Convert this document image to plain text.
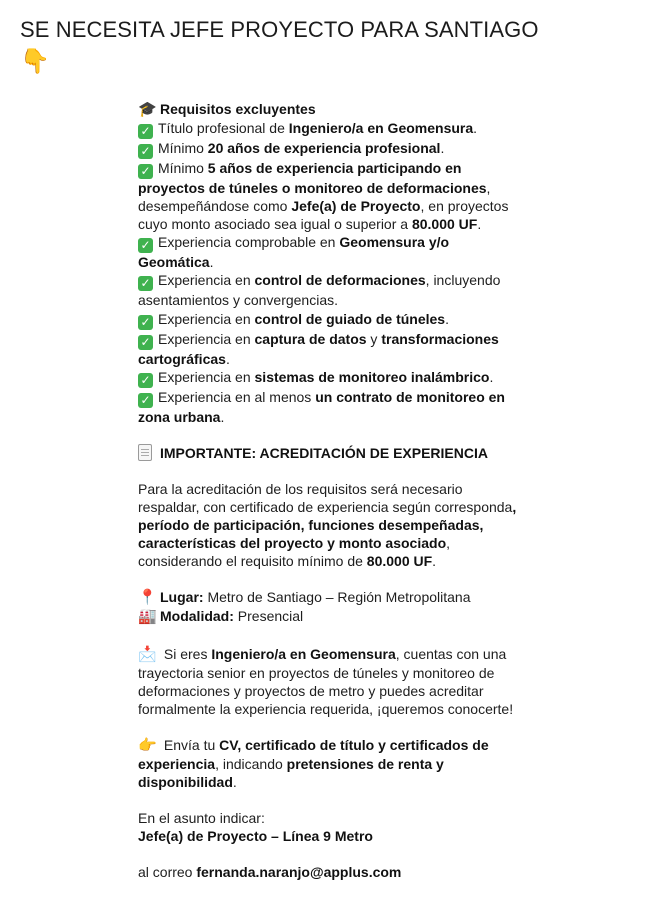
SE NECESITA JEFE PROYECTO PARA SANTIAGO
👇

🎓 Requisitos excluyentes

✓ Título profesional de Ingeniero/a en Geomensura.

✓ Mínimo 20 años de experiencia profesional.

✓ Mínimo 5 años de experiencia participando en proyectos de túneles o monitoreo de deformaciones, desempeñándose como Jefe(a) de Proyecto, en proyectos cuyo monto asociado sea igual o superior a 80.000 UF.

✓ Experiencia comprobable en Geomensura y/o Geomática.

✓ Experiencia en control de deformaciones, incluyendo asentamientos y convergencias.

✓ Experiencia en control de guiado de túneles.

✓ Experiencia en captura de datos y transformaciones cartográficas.

✓ Experiencia en sistemas de monitoreo inalámbrico.

✓ Experiencia en al menos un contrato de monitoreo en zona urbana.

IMPORTANTE: ACREDITACIÓN DE EXPERIENCIA

Para la acreditación de los requisitos será necesario respaldar, con certificado de experiencia según corresponda, período de participación, funciones desempeñadas, características del proyecto y monto asociado, considerando el requisito mínimo de 80.000 UF.

📍 Lugar: Metro de Santiago – Región Metropolitana

🏭 Modalidad: Presencial

📩 Si eres Ingeniero/a en Geomensura, cuentas con una trayectoria senior en proyectos de túneles y monitoreo de deformaciones y proyectos de metro y puedes acreditar formalmente la experiencia requerida, ¡queremos conocerte!

👉 Envía tu CV, certificado de título y certificados de experiencia, indicando pretensiones de renta y disponibilidad.

En el asunto indicar:

Jefe(a) de Proyecto – Línea 9 Metro

al correo fernanda.naranjo@applus.com
